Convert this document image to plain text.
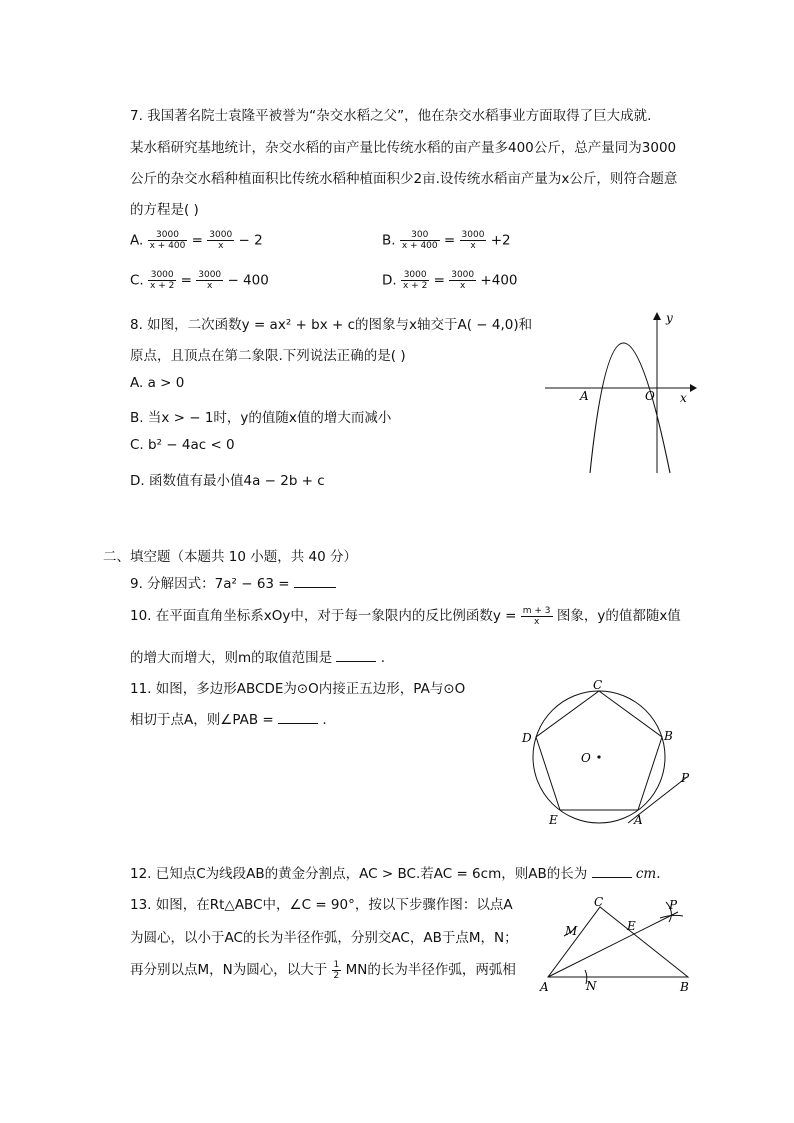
7. 我国著名院士袁隆平被誉为“杂交水稻之父”，他在杂交水稻事业方面取得了巨大成就.
某水稻研究基地统计，杂交水稻的亩产量比传统水稻的亩产量多400公斤，总产量同为3000
公斤的杂交水稻种植面积比传统水稻种植面积少2亩.设传统水稻亩产量为x公斤，则符合题意
的方程是( )
A. $\frac{3000}{x + 400} = \frac{3000}{x} - 2$	B. $\frac{300}{x + 400} = \frac{3000}{x} +2$
C. $\frac{3000}{x + 2} = \frac{3000}{x} - 400$	D. $\frac{3000}{x + 2} = \frac{3000}{x} +400$
8. 如图，二次函数y = ax² + bx + c的图象与x轴交于A( − 4,0)和
原点，且顶点在第二象限.下列说法正确的是( )
A. a > 0
B. 当x > − 1时，y的值随x值的增大而减小
C. b² − 4ac < 0
D. 函数值有最小值4a − 2b + c
y
x
A	O
二、填空题（本题共 10 小题，共 40 分）
9. 分解因式：7a² − 63 =
10. 在平面直角坐标系xOy中，对于每一象限内的反比例函数$y = \frac{m + 3}{x}$ 图象，y的值都随x值
的增大而增大，则m的取值范围是	.
11. 如图，多边形ABCDE为⊙O内接正五边形，PA与⊙O
相切于点A，则∠PAB =	.
C
B
D
E	A
P
O
12. 已知点C为线段AB的黄金分割点，AC > BC.若AC = 6cm，则AB的长为	cm.
13. 如图，在Rt△ABC中，∠C = 90°，按以下步骤作图：以点A
为圆心，以小于AC的长为半径作弧，分别交AC，AB于点M，N；
再分别以点M，N为圆心，以大于 $\frac{1}{2}$ MN的长为半径作弧，两弧相
A	B
C
E
M
N
P
